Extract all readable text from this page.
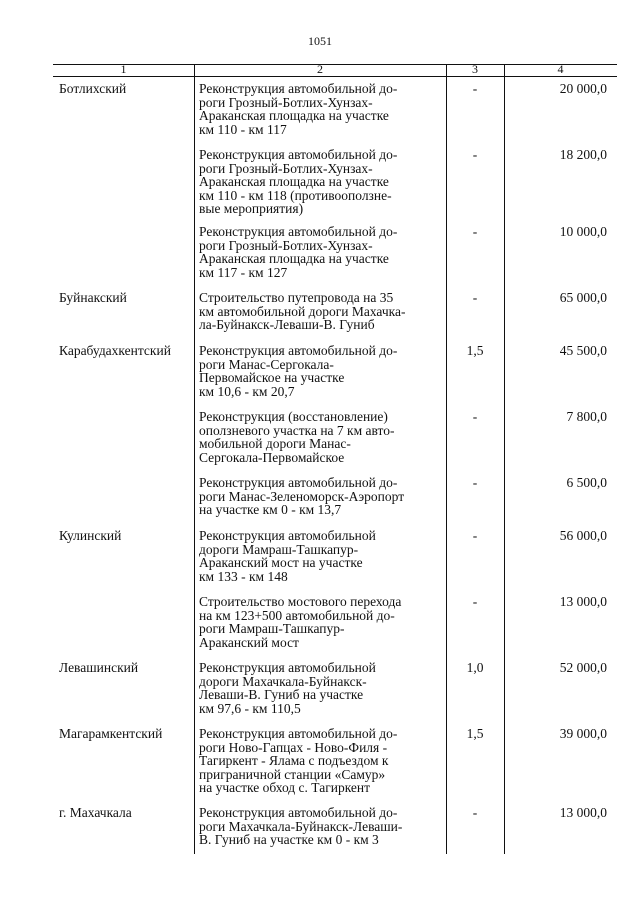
1051
1	2	3	4
Ботлихский	Реконструкция автомобильной до-
роги Грозный-Ботлих-Хунзах-
Араканская площадка на участке
км 110 - км 117
-	20 000,0
Реконструкция автомобильной до-
роги Грозный-Ботлих-Хунзах-
Араканская площадка на участке
км 110 - км 118 (противооползне-
вые мероприятия)
-	18 200,0
Реконструкция автомобильной до-
роги Грозный-Ботлих-Хунзах-
Араканская площадка на участке
км 117 - км 127
-	10 000,0
Буйнакский	Строительство путепровода на 35
км автомобильной дороги Махачка-
ла-Буйнакск-Леваши-В. Гуниб
-	65 000,0
Карабудахкентский Реконструкция автомобильной до-
роги Манас-Сергокала-
Первомайское на участке
км 10,6 - км 20,7
1,5	45 500,0
Реконструкция (восстановление)
оползневого участка на 7 км авто-
мобильной дороги Манас-
Сергокала-Первомайское
-	7 800,0
Реконструкция автомобильной до-
роги Манас-Зеленоморск-Аэропорт
на участке км 0 - км 13,7
-	6 500,0
Кулинский	Реконструкция автомобильной
дороги Мамраш-Ташкапур-
Араканский мост на участке
км 133 - км 148
-	56 000,0
Строительство мостового перехода
на км 123+500 автомобильной до-
роги Мамраш-Ташкапур-
Араканский мост
-	13 000,0
Левашинский	Реконструкция автомобильной
дороги Махачкала-Буйнакск-
Леваши-В. Гуниб на участке
км 97,6 - км 110,5
1,0	52 000,0
Магарамкентский	Реконструкция автомобильной до-
роги Ново-Гапцах - Ново-Филя -
Тагиркент - Ялама с подъездом к
приграничной станции «Самур»
на участке обход с. Тагиркент
1,5	39 000,0
г. Махачкала	Реконструкция автомобильной до-
роги Махачкала-Буйнакск-Леваши-
В. Гуниб на участке км 0 - км 3
-	13 000,0
